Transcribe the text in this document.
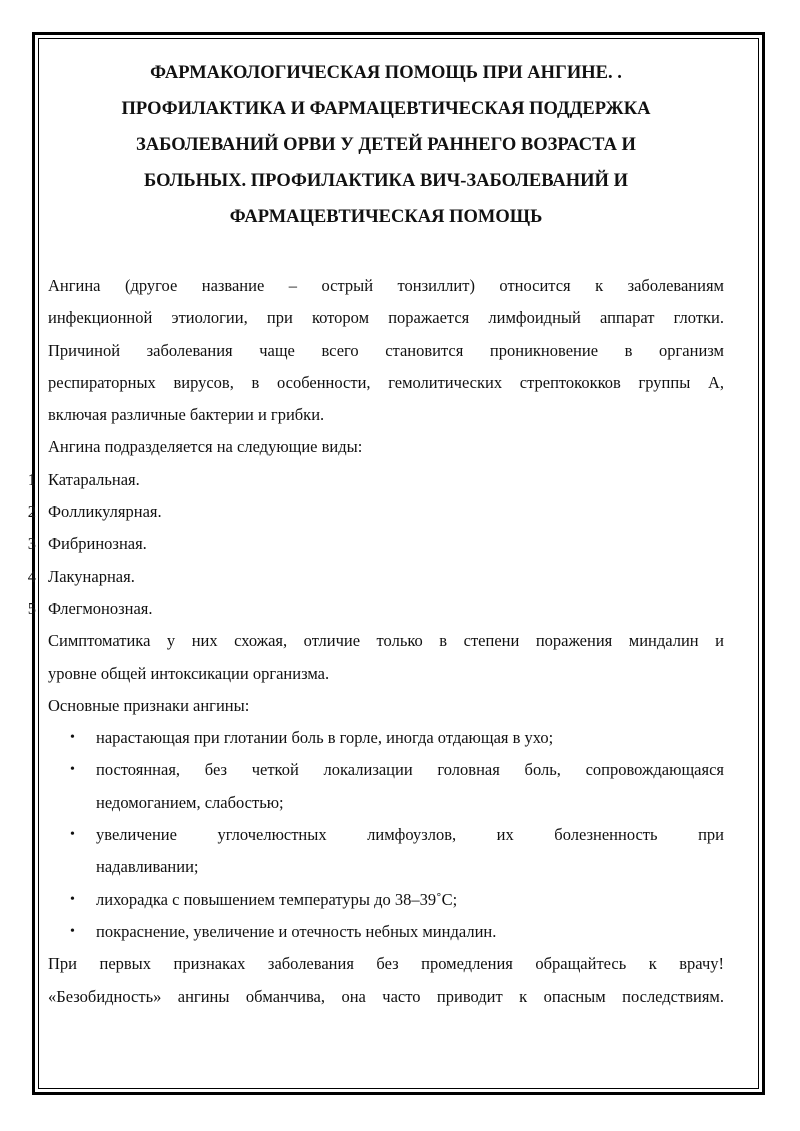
ФАРМАКОЛОГИЧЕСКАЯ ПОМОЩЬ ПРИ АНГИНЕ. .
ПРОФИЛАКТИКА И ФАРМАЦЕВТИЧЕСКАЯ ПОДДЕРЖКА
ЗАБОЛЕВАНИЙ ОРВИ У ДЕТЕЙ РАННЕГО ВОЗРАСТА И
БОЛЬНЫХ. ПРОФИЛАКТИКА ВИЧ-ЗАБОЛЕВАНИЙ И
ФАРМАЦЕВТИЧЕСКАЯ ПОМОЩЬ

Ангина (другое название – острый тонзиллит) относится к заболеваниям
инфекционной этиологии, при котором поражается лимфоидный аппарат глотки.
Причиной заболевания чаще всего становится проникновение в организм
респираторных вирусов, в особенности, гемолитических стрептококков группы А,
включая различные бактерии и грибки.

Ангина подразделяется на следующие виды:

1 Катаральная.
2 Фолликулярная.
3 Фибринозная.
4 Лакунарная.
5 Флегмонозная.

Симптоматика у них схожая, отличие только в степени поражения миндалин и
уровне общей интоксикации организма.

Основные признаки ангины:

• нарастающая при глотании боль в горле, иногда отдающая в ухо;
• постоянная, без четкой локализации головная боль, сопровождающаяся
недомоганием, слабостью;
• увеличение углочелюстных лимфоузлов, их болезненность при
надавливании;
• лихорадка с повышением температуры до 38–39˚С;
• покраснение, увеличение и отечность небных миндалин.

При первых признаках заболевания без промедления обращайтесь к врачу!
«Безобидность» ангины обманчива, она часто приводит к опасным последствиям.
